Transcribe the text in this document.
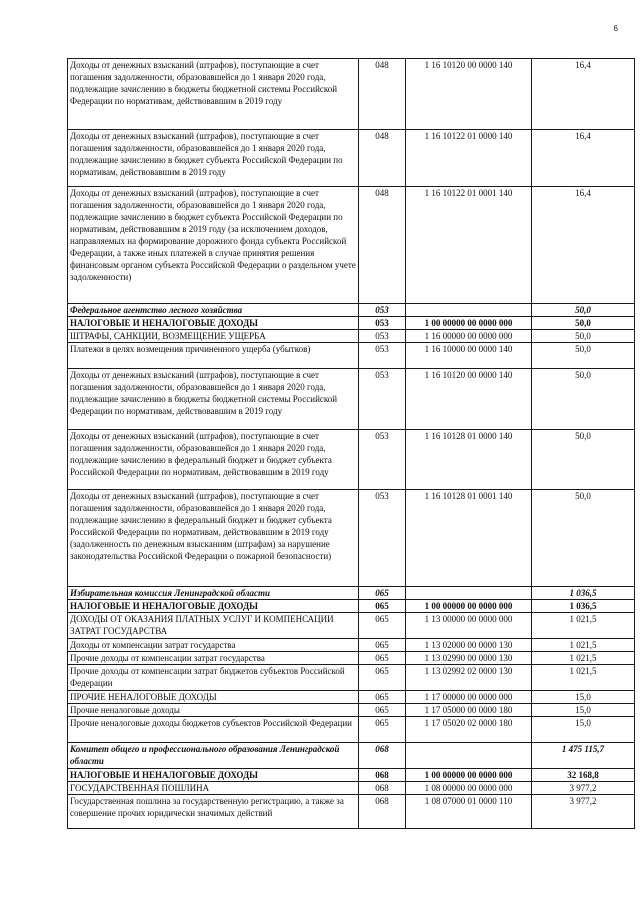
6
Доходы от денежных взысканий (штрафов), поступающие в счет погашения задолженности, образовавшейся до 1 января 2020 года, подлежащие зачислению в бюджеты бюджетной системы Российской Федерации по нормативам, действовавшим в 2019 году	048	1 16 10120 00 0000 140	16,4
Доходы от денежных взысканий (штрафов), поступающие в счет погашения задолженности, образовавшейся до 1 января 2020 года, подлежащие зачислению в бюджет субъекта Российской Федерации по нормативам, действовавшим в 2019 году	048	1 16 10122 01 0000 140	16,4
Доходы от денежных взысканий (штрафов), поступающие в счет погашения задолженности, образовавшейся до 1 января 2020 года, подлежащие зачислению в бюджет субъекта Российской Федерации по нормативам, действовавшим в 2019 году (за исключением доходов, направляемых на формирование дорожного фонда субъекта Российской Федерации, а также иных платежей в случае принятия решения финансовым органом субъекта Российской Федерации о раздельном учете задолженности)	048	1 16 10122 01 0001 140	16,4
Федеральное агентство лесного хозяйства	053		50,0
НАЛОГОВЫЕ И НЕНАЛОГОВЫЕ ДОХОДЫ	053	1 00 00000 00 0000 000	50,0
ШТРАФЫ, САНКЦИИ, ВОЗМЕЩЕНИЕ УЩЕРБА	053	1 16 00000 00 0000 000	50,0
Платежи в целях возмещения причиненного ущерба (убытков)	053	1 16 10000 00 0000 140	50,0
Доходы от денежных взысканий (штрафов), поступающие в счет погашения задолженности, образовавшейся до 1 января 2020 года, подлежащие зачислению в бюджеты бюджетной системы Российской Федерации по нормативам, действовавшим в 2019 году	053	1 16 10120 00 0000 140	50,0
Доходы от денежных взысканий (штрафов), поступающие в счет погашения задолженности, образовавшейся до 1 января 2020 года, подлежащие зачислению в федеральный бюджет и бюджет субъекта Российской Федерации по нормативам, действовавшим в 2019 году	053	1 16 10128 01 0000 140	50,0
Доходы от денежных взысканий (штрафов), поступающие в счет погашения задолженности, образовавшейся до 1 января 2020 года, подлежащие зачислению в федеральный бюджет и бюджет субъекта Российской Федерации по нормативам, действовавшим в 2019 году (задолженность по денежным взысканиям (штрафам) за нарушение законодательства Российской Федерации о пожарной безопасности)	053	1 16 10128 01 0001 140	50,0
Избирательная комиссия Ленинградской области	065		1 036,5
НАЛОГОВЫЕ И НЕНАЛОГОВЫЕ ДОХОДЫ	065	1 00 00000 00 0000 000	1 036,5
ДОХОДЫ ОТ ОКАЗАНИЯ ПЛАТНЫХ УСЛУГ И КОМПЕНСАЦИИ ЗАТРАТ ГОСУДАРСТВА	065	1 13 00000 00 0000 000	1 021,5
Доходы от компенсации затрат государства	065	1 13 02000 00 0000 130	1 021,5
Прочие доходы от компенсации затрат государства	065	1 13 02990 00 0000 130	1 021,5
Прочие доходы от компенсации затрат бюджетов субъектов Российской Федерации	065	1 13 02992 02 0000 130	1 021,5
ПРОЧИЕ НЕНАЛОГОВЫЕ ДОХОДЫ	065	1 17 00000 00 0000 000	15,0
Прочие неналоговые доходы	065	1 17 05000 00 0000 180	15,0
Прочие неналоговые доходы бюджетов субъектов Российской Федерации	065	1 17 05020 02 0000 180	15,0
Комитет общего и профессионального образования Ленинградской области	068		1 475 115,7
НАЛОГОВЫЕ И НЕНАЛОГОВЫЕ ДОХОДЫ	068	1 00 00000 00 0000 000	32 168,8
ГОСУДАРСТВЕННАЯ ПОШЛИНА	068	1 08 00000 00 0000 000	3 977,2
Государственная пошлина за государственную регистрацию, а также за совершение прочих юридически значимых действий	068	1 08 07000 01 0000 110	3 977,2
